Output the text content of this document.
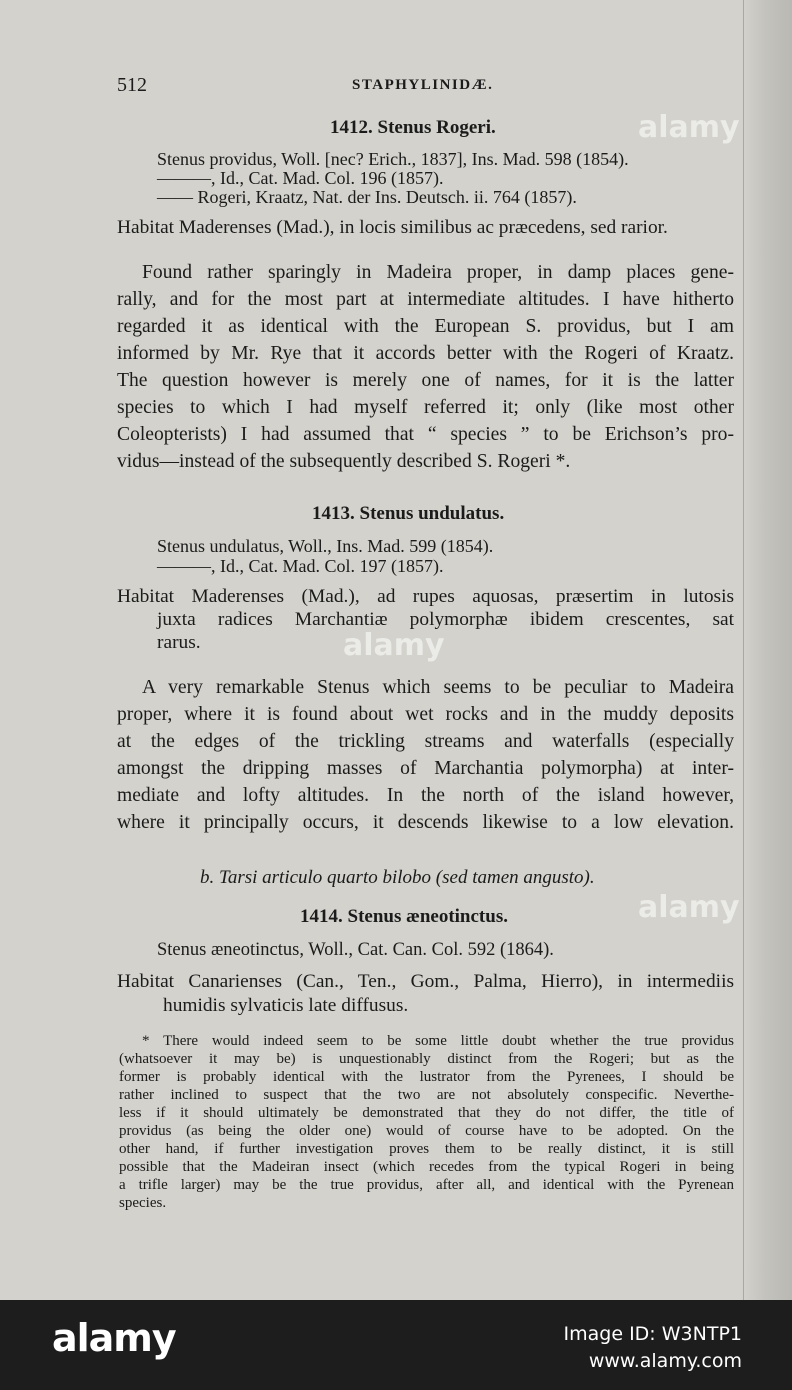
512	STAPHYLINIDÆ.
1412. Stenus Rogeri.
Stenus providus, Woll. [nec? Erich., 1837], Ins. Mad. 598 (1854).
———, Id., Cat. Mad. Col. 196 (1857).
—— Rogeri, Kraatz, Nat. der Ins. Deutsch. ii. 764 (1857).
Habitat Maderenses (Mad.), in locis similibus ac præcedens, sed rarior.
Found rather sparingly in Madeira proper, in damp places gene-
rally, and for the most part at intermediate altitudes. I have hitherto
regarded it as identical with the European S. providus, but I am
informed by Mr. Rye that it accords better with the Rogeri of Kraatz.
The question however is merely one of names, for it is the latter
species to which I had myself referred it; only (like most other
Coleopterists) I had assumed that “ species ” to be Erichson’s pro-
vidus—instead of the subsequently described S. Rogeri *.
1413. Stenus undulatus.
Stenus undulatus, Woll., Ins. Mad. 599 (1854).
———, Id., Cat. Mad. Col. 197 (1857).
Habitat Maderenses (Mad.), ad rupes aquosas, præsertim in lutosis
juxta radices Marchantiæ polymorphæ ibidem crescentes, sat
rarus.
A very remarkable Stenus which seems to be peculiar to Madeira
proper, where it is found about wet rocks and in the muddy deposits
at the edges of the trickling streams and waterfalls (especially
amongst the dripping masses of Marchantia polymorpha) at inter-
mediate and lofty altitudes. In the north of the island however,
where it principally occurs, it descends likewise to a low elevation.
b. Tarsi articulo quarto bilobo (sed tamen angusto).
1414. Stenus æneotinctus.
Stenus æneotinctus, Woll., Cat. Can. Col. 592 (1864).
Habitat Canarienses (Can., Ten., Gom., Palma, Hierro), in intermediis
humidis sylvaticis late diffusus.
* There would indeed seem to be some little doubt whether the true providus
(whatsoever it may be) is unquestionably distinct from the Rogeri; but as the
former is probably identical with the lustrator from the Pyrenees, I should be
rather inclined to suspect that the two are not absolutely conspecific. Neverthe-
less if it should ultimately be demonstrated that they do not differ, the title of
providus (as being the older one) would of course have to be adopted. On the
other hand, if further investigation proves them to be really distinct, it is still
possible that the Madeiran insect (which recedes from the typical Rogeri in being
a trifle larger) may be the true providus, after all, and identical with the Pyrenean
species.
alamy
alamy
alamy
alamy	Image ID: W3NTP1
www.alamy.com
